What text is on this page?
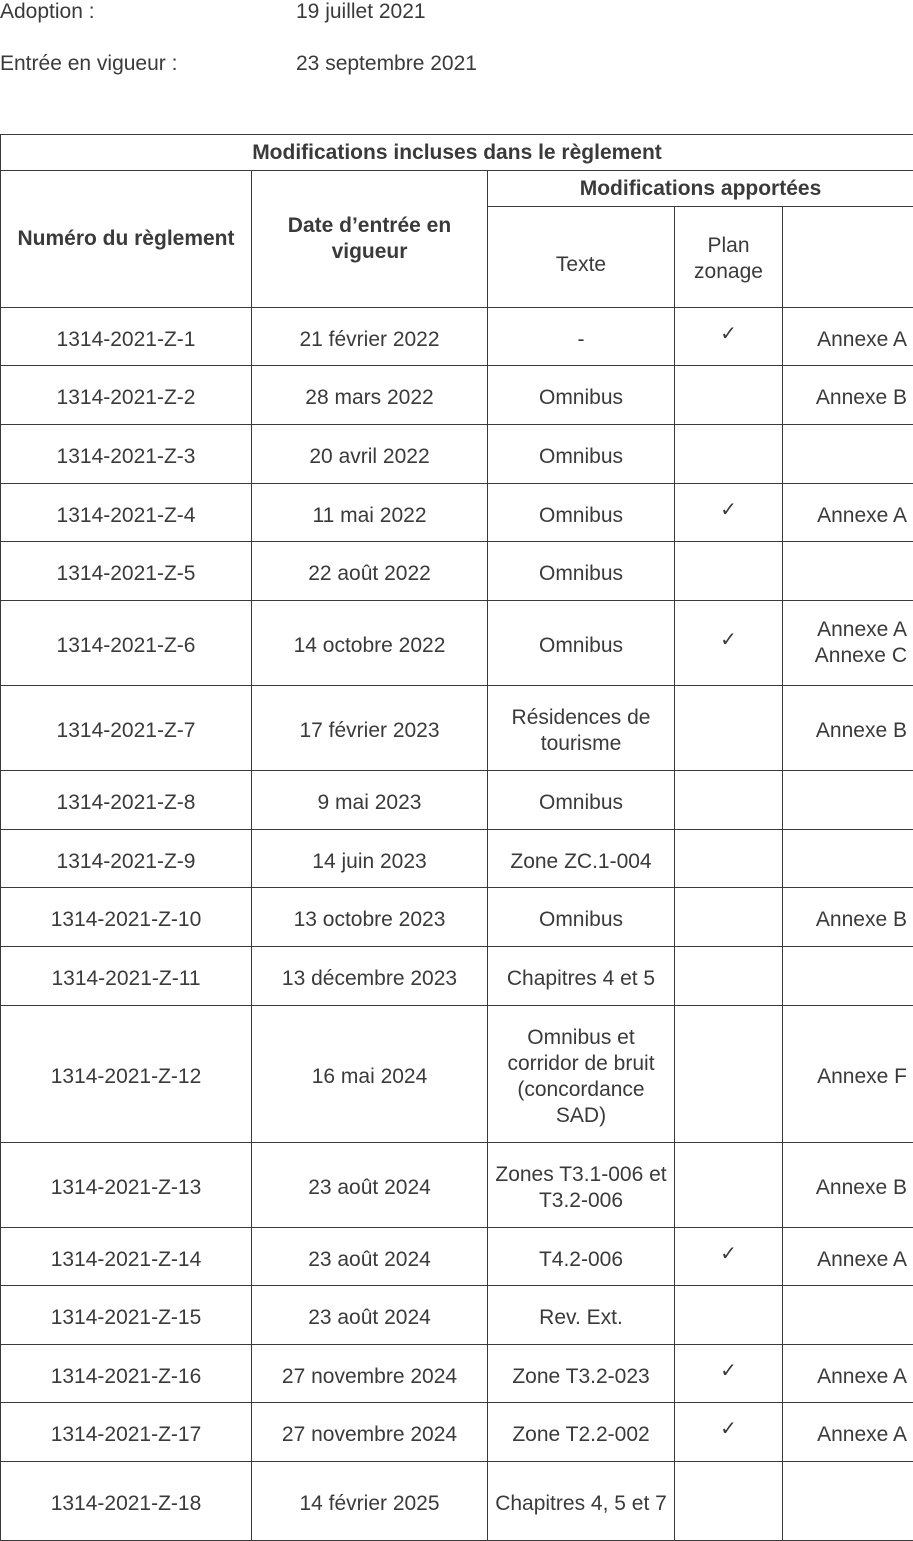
Adoption :	19 juillet 2021
Entrée en vigueur :	23 septembre 2021
Modifications incluses dans le règlement				
Numéro du règlement	Date d’entrée en vigueur	Modifications apportées		
		Texte	Plan zonage	
1314-2021-Z-1	21 février 2022	-	✓	Annexe A

1314-2021-Z-2	28 mars 2022	Omnibus		Annexe B

1314-2021-Z-3	20 avril 2022	Omnibus		
1314-2021-Z-4	11 mai 2022	Omnibus	✓	Annexe A

1314-2021-Z-5	22 août 2022	Omnibus		
1314-2021-Z-6	14 octobre 2022	Omnibus	✓	Annexe A
Annexe C

1314-2021-Z-7	17 février 2023	Résidences de tourisme		Annexe B

1314-2021-Z-8	9 mai 2023	Omnibus		
1314-2021-Z-9	14 juin 2023	Zone ZC.1-004		
1314-2021-Z-10	13 octobre 2023	Omnibus		Annexe B

1314-2021-Z-11	13 décembre 2023	Chapitres 4 et 5		
1314-2021-Z-12	16 mai 2024	Omnibus et corridor de bruit (concordance SAD)		Annexe F

1314-2021-Z-13	23 août 2024	Zones T3.1-006 et T3.2-006		Annexe B

1314-2021-Z-14	23 août 2024	T4.2-006	✓	Annexe A

1314-2021-Z-15	23 août 2024	Rev. Ext.		
1314-2021-Z-16	27 novembre 2024	Zone T3.2-023	✓	Annexe A

1314-2021-Z-17	27 novembre 2024	Zone T2.2-002	✓	Annexe A

1314-2021-Z-18	14 février 2025	Chapitres 4, 5 et 7		
